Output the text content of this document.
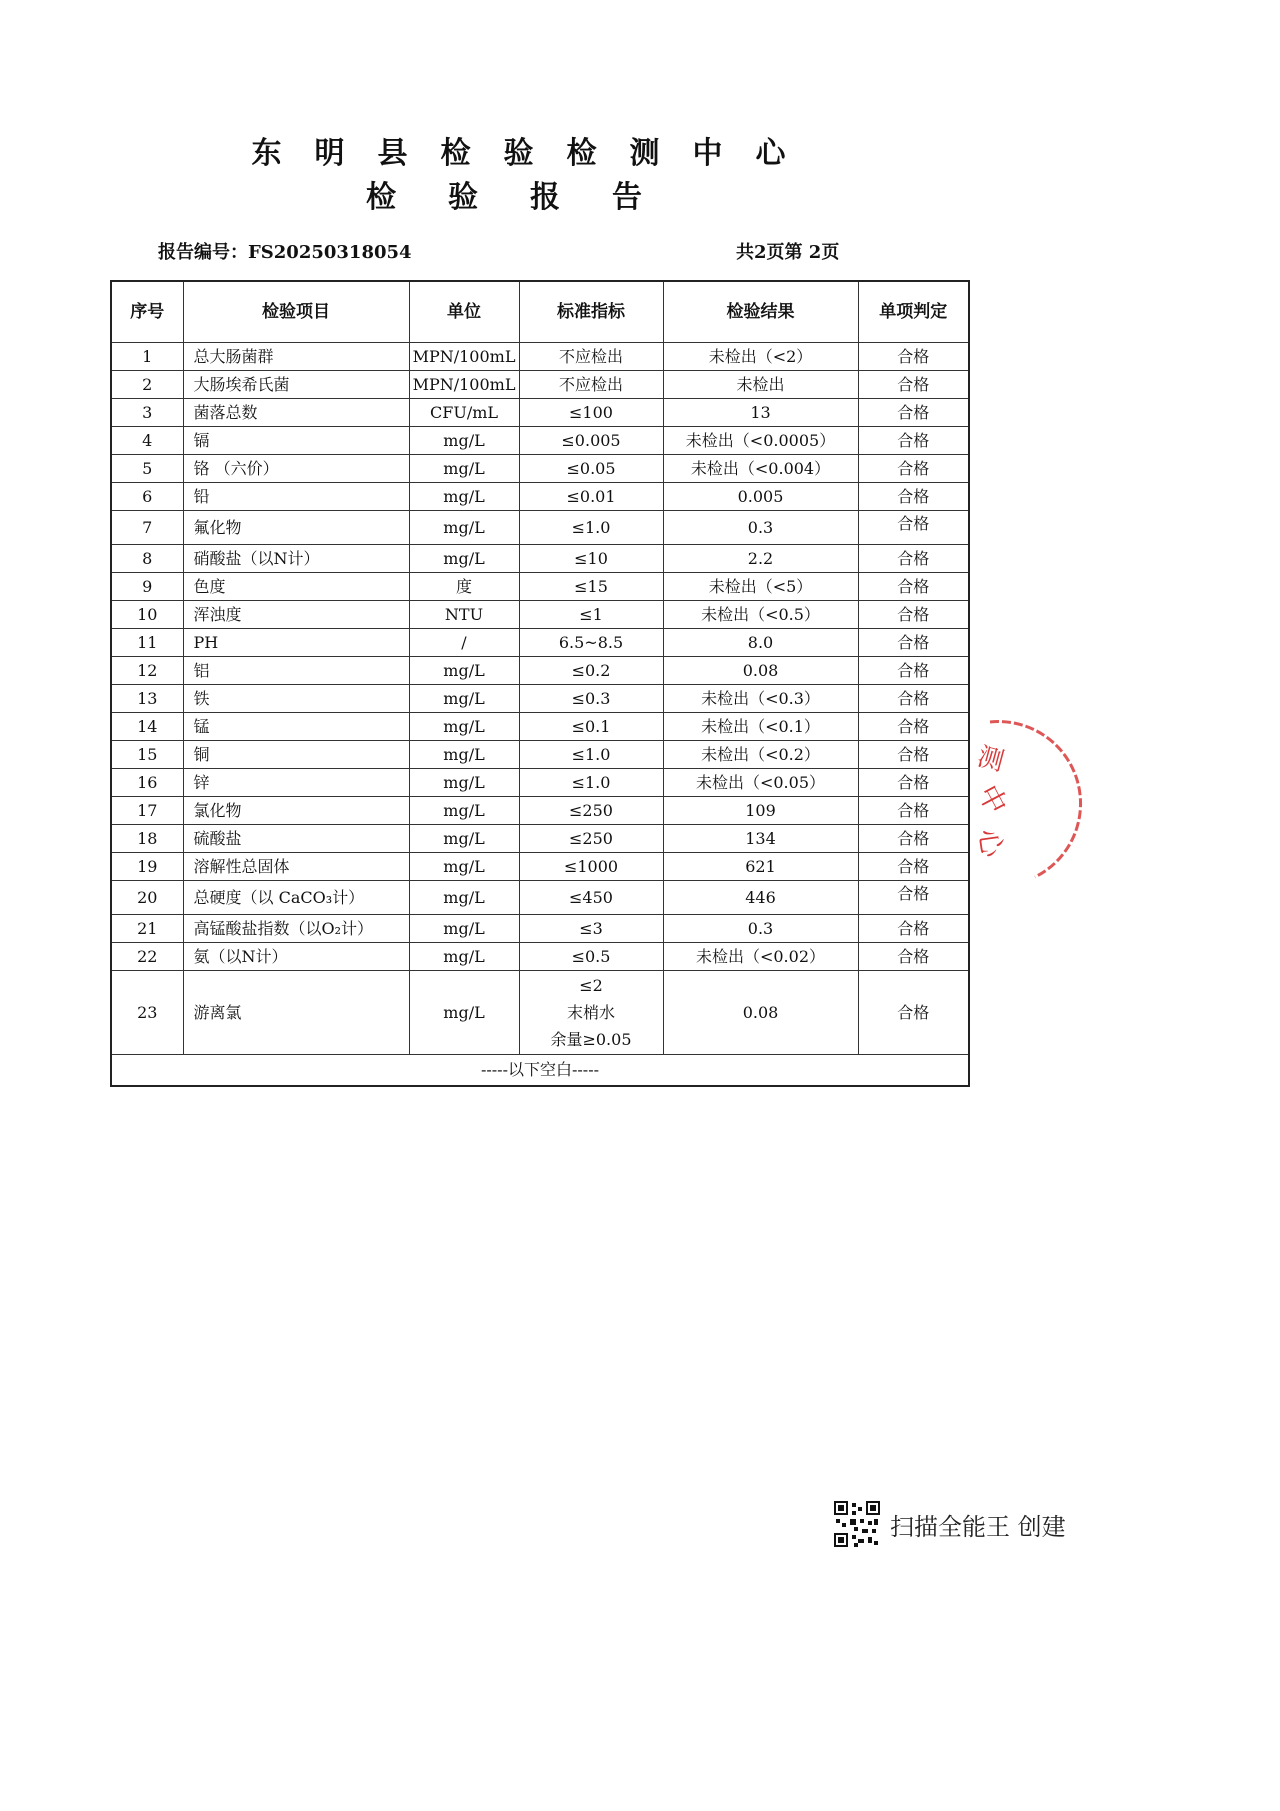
东明县检验检测中心
检验报告
报告编号：FS20250318054	共2页第 2页
序号	检验项目	单位	标准指标	检验结果	单项判定
1	总大肠菌群	MPN/100mL	不应检出	未检出（<2）	合格
2	大肠埃希氏菌	MPN/100mL	不应检出	未检出	合格
3	菌落总数	CFU/mL	≤100	13	合格
4	镉	mg/L	≤0.005	未检出（<0.0005）	合格
5	铬 （六价）	mg/L	≤0.05	未检出（<0.004）	合格
6	铅	mg/L	≤0.01	0.005	合格
7	氟化物	mg/L	≤1.0	0.3	合格
8	硝酸盐（以N计）	mg/L	≤10	2.2	合格
9	色度	度	≤15	未检出（<5）	合格
10	浑浊度	NTU	≤1	未检出（<0.5）	合格
11	PH	/	6.5~8.5	8.0	合格
12	铝	mg/L	≤0.2	0.08	合格
13	铁	mg/L	≤0.3	未检出（<0.3）	合格
14	锰	mg/L	≤0.1	未检出（<0.1）	合格
15	铜	mg/L	≤1.0	未检出（<0.2）	合格
16	锌	mg/L	≤1.0	未检出（<0.05）	合格
17	氯化物	mg/L	≤250	109	合格
18	硫酸盐	mg/L	≤250	134	合格
19	溶解性总固体	mg/L	≤1000	621	合格
20	总硬度（以 CaCO₃计）	mg/L	≤450	446	合格
21	高锰酸盐指数（以O₂计）	mg/L	≤3	0.3	合格
22	氨（以N计）	mg/L	≤0.5	未检出（<0.02）	合格
23	游离氯	mg/L	≤2
末梢水
余量≥0.05	0.08	合格
-----以下空白-----					
测
中
心
扫描全能王 创建
